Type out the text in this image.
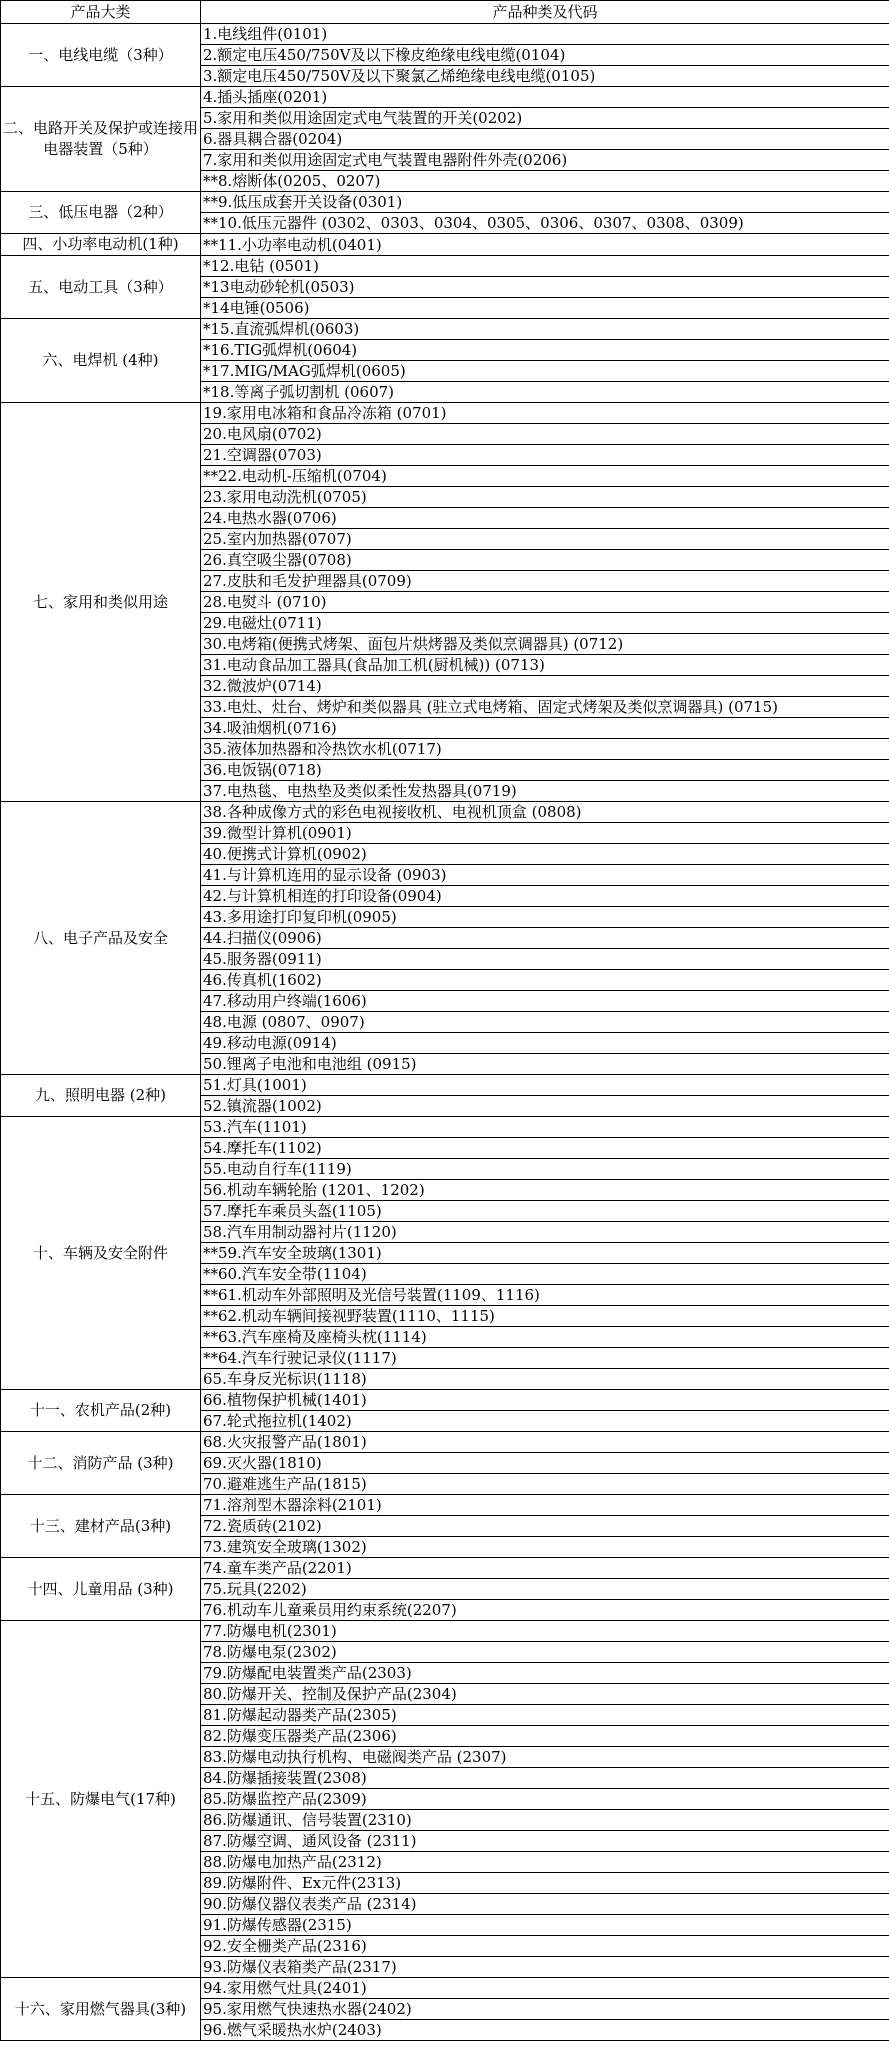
产品大类	产品种类及代码
一、电线电缆（3种）	1.电线组件(0101)
	2.额定电压450/750V及以下橡皮绝缘电线电缆(0104)
	3.额定电压450/750V及以下聚氯乙烯绝缘电线电缆(0105)
二、电路开关及保护或连接用电器装置（5种）	4.插头插座(0201)
	5.家用和类似用途固定式电气装置的开关(0202)
	6.器具耦合器(0204)
	7.家用和类似用途固定式电气装置电器附件外壳(0206)
	**8.熔断体(0205、0207)
三、低压电器（2种）	**9.低压成套开关设备(0301)
	**10.低压元器件 (0302、0303、0304、0305、0306、0307、0308、0309)
四、小功率电动机(1种)	**11.小功率电动机(0401)
五、电动工具（3种）	*12.电钻 (0501)
	*13电动砂轮机(0503)
	*14电锤(0506)
六、电焊机 (4种)	*15.直流弧焊机(0603)
	*16.TIG弧焊机(0604)
	*17.MIG/MAG弧焊机(0605)
	*18.等离子弧切割机 (0607)
七、家用和类似用途	19.家用电冰箱和食品冷冻箱 (0701)
	20.电风扇(0702)
	21.空调器(0703)
	**22.电动机-压缩机(0704)
	23.家用电动洗机(0705)
	24.电热水器(0706)
	25.室内加热器(0707)
	26.真空吸尘器(0708)
	27.皮肤和毛发护理器具(0709)
	28.电熨斗 (0710)
	29.电磁灶(0711)
	30.电烤箱(便携式烤架、面包片烘烤器及类似烹调器具) (0712)
	31.电动食品加工器具(食品加工机(厨机械)) (0713)
	32.微波炉(0714)
	33.电灶、灶台、烤炉和类似器具 (驻立式电烤箱、固定式烤架及类似烹调器具) (0715)
	34.吸油烟机(0716)
	35.液体加热器和冷热饮水机(0717)
	36.电饭锅(0718)
	37.电热毯、电热垫及类似柔性发热器具(0719)
八、电子产品及安全	38.各种成像方式的彩色电视接收机、电视机顶盒 (0808)
	39.微型计算机(0901)
	40.便携式计算机(0902)
	41.与计算机连用的显示设备 (0903)
	42.与计算机相连的打印设备(0904)
	43.多用途打印复印机(0905)
	44.扫描仪(0906)
	45.服务器(0911)
	46.传真机(1602)
	47.移动用户终端(1606)
	48.电源 (0807、0907)
	49.移动电源(0914)
	50.锂离子电池和电池组 (0915)
九、照明电器 (2种)	51.灯具(1001)
	52.镇流器(1002)
十、车辆及安全附件	53.汽车(1101)
	54.摩托车(1102)
	55.电动自行车(1119)
	56.机动车辆轮胎 (1201、1202)
	57.摩托车乘员头盔(1105)
	58.汽车用制动器衬片(1120)
	**59.汽车安全玻璃(1301)
	**60.汽车安全带(1104)
	**61.机动车外部照明及光信号装置(1109、1116)
	**62.机动车辆间接视野装置(1110、1115)
	**63.汽车座椅及座椅头枕(1114)
	**64.汽车行驶记录仪(1117)
	65.车身反光标识(1118)
十一、农机产品(2种)	66.植物保护机械(1401)
	67.轮式拖拉机(1402)
十二、消防产品 (3种)	68.火灾报警产品(1801)
	69.灭火器(1810)
	70.避难逃生产品(1815)
十三、建材产品(3种)	71.溶剂型木器涂料(2101)
	72.瓷质砖(2102)
	73.建筑安全玻璃(1302)
十四、儿童用品 (3种)	74.童车类产品(2201)
	75.玩具(2202)
	76.机动车儿童乘员用约束系统(2207)
十五、防爆电气(17种)	77.防爆电机(2301)
	78.防爆电泵(2302)
	79.防爆配电装置类产品(2303)
	80.防爆开关、控制及保护产品(2304)
	81.防爆起动器类产品(2305)
	82.防爆变压器类产品(2306)
	83.防爆电动执行机构、电磁阀类产品 (2307)
	84.防爆插接装置(2308)
	85.防爆监控产品(2309)
	86.防爆通讯、信号装置(2310)
	87.防爆空调、通风设备 (2311)
	88.防爆电加热产品(2312)
	89.防爆附件、Ex元件(2313)
	90.防爆仪器仪表类产品 (2314)
	91.防爆传感器(2315)
	92.安全栅类产品(2316)
	93.防爆仪表箱类产品(2317)
十六、家用燃气器具(3种)	94.家用燃气灶具(2401)
	95.家用燃气快速热水器(2402)
	96.燃气采暖热水炉(2403)
